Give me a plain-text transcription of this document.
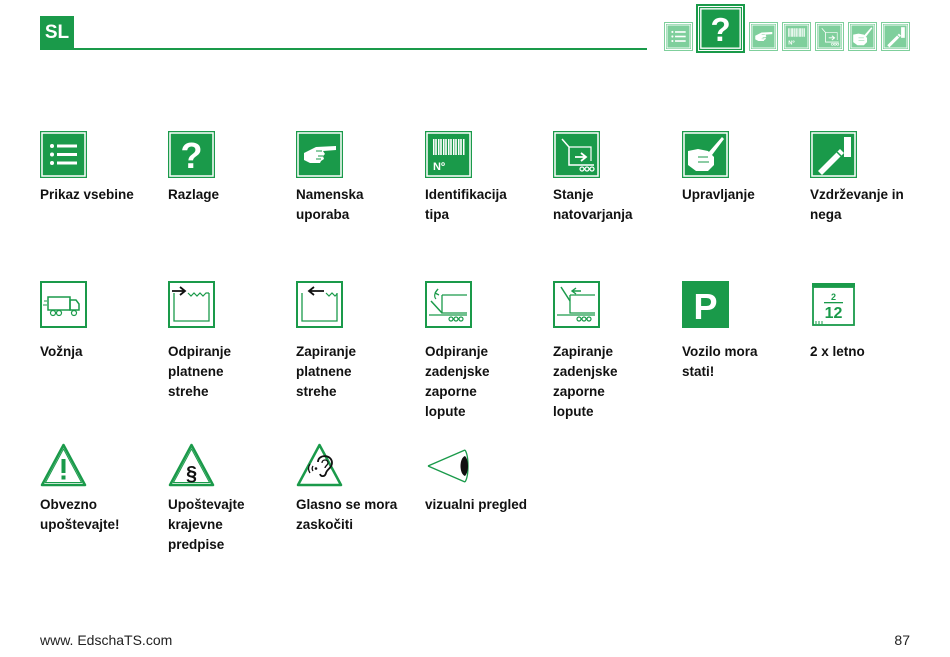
SL	?	Nº
Prikaz vsebine
?
Razlage	Namenska
uporaba
Nº
Identifikacija
tipa
Stanje
natovarjanja
Upravljanje	Vzdrževanje in
nega
Vožnja	Odpiranje
platnene
strehe
Zapiranje
platnene
strehe
Odpiranje
zadenjske
zaporne
lopute
Zapiranje
zadenjske
zaporne
lopute
P
Vozilo mora
stati!
2
12
2 x letno
Obvezno
upoštevajte!
§
Upoštevajte
krajevne
predpise
Glasno se mora
zaskočiti
vizualni pregled
www. EdschaTS.com	87
